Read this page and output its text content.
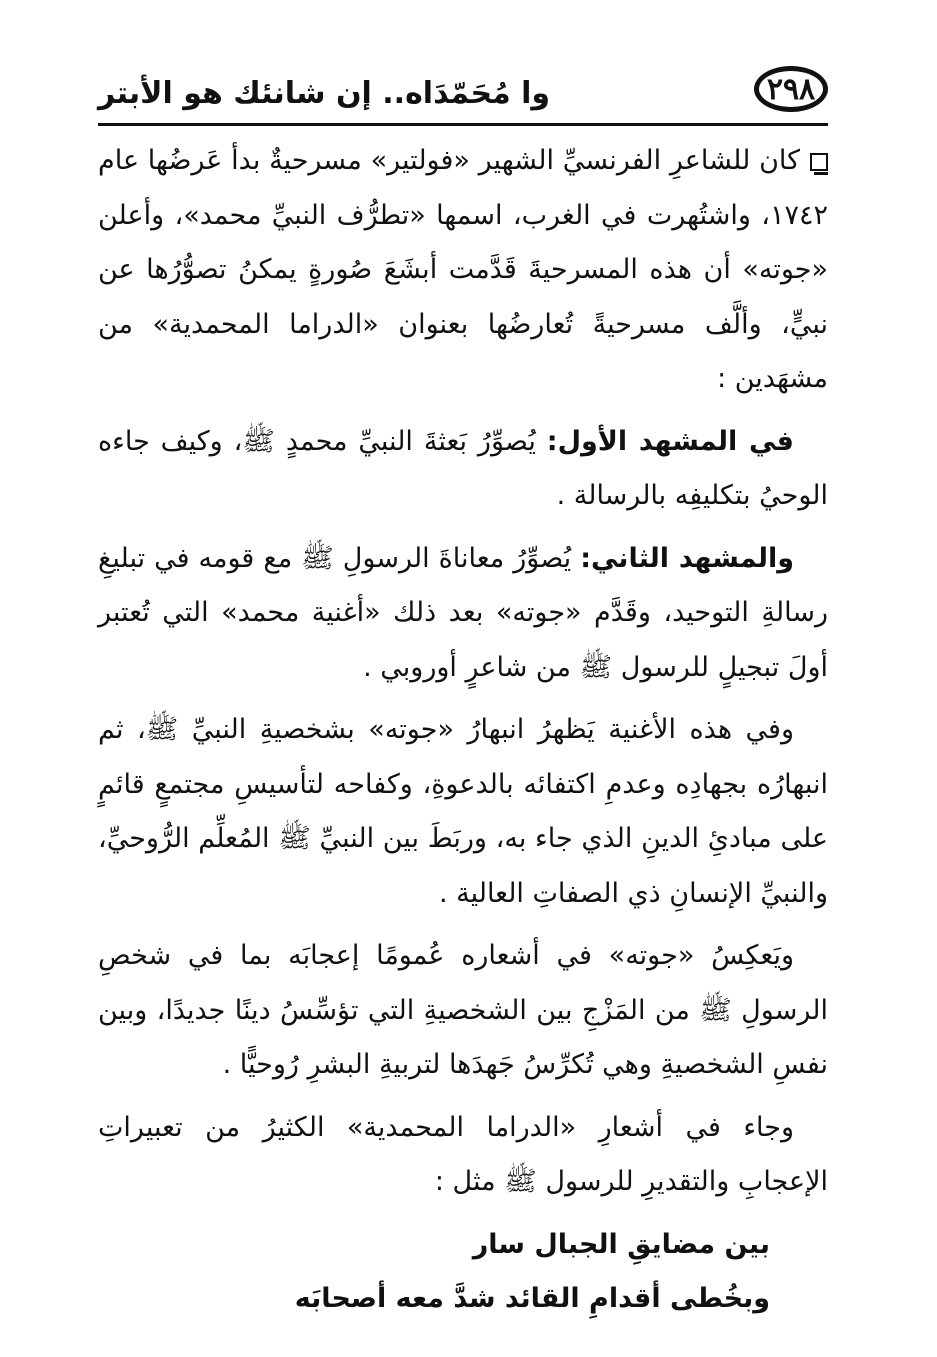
٢٩٨
وا مُحَمّدَاه.. إن شانئك هو الأبتر

كان للشاعرِ الفرنسيِّ الشهير «فولتير» مسرحيةٌ بدأ عَرضُها عام ١٧٤٢، واشتُهرت في الغرب، اسمها «تطرُّف النبيِّ محمد»، وأعلن «جوته» أن هذه المسرحيةَ قَدَّمت أبشَعَ صُورةٍ يمكنُ تصوُّرُها عن نبيٍّ، وألَّف مسرحيةً تُعارضُها بعنوان «الدراما المحمدية» من مشهَدين :

في المشهد الأول: يُصوِّرُ بَعثةَ النبيِّ محمدٍ ﷺ، وكيف جاءه الوحيُ بتكليفِه بالرسالة .

والمشهد الثاني: يُصوِّرُ معاناةَ الرسولِ ﷺ مع قومه في تبليغِ رسالةِ التوحيد، وقَدَّم «جوته» بعد ذلك «أغنية محمد» التي تُعتبر أولَ تبجيلٍ للرسول ﷺ من شاعرٍ أوروبي .

وفي هذه الأغنية يَظهرُ انبهارُ «جوته» بشخصيةِ النبيِّ ﷺ، ثم انبهارُه بجهادِه وعدمِ اكتفائه بالدعوةِ، وكفاحه لتأسيسِ مجتمعٍ قائمٍ على مبادئِ الدينِ الذي جاء به، وربَطَ بين النبيِّ ﷺ المُعلِّم الرُّوحيِّ، والنبيِّ الإنسانِ ذي الصفاتِ العالية .

ويَعكِسُ «جوته» في أشعاره عُمومًا إعجابَه بما في شخصِ الرسولِ ﷺ من المَزْجِ بين الشخصيةِ التي تؤسِّسُ دينًا جديدًا، وبين نفسِ الشخصيةِ وهي تُكرِّسُ جَهدَها لتربيةِ البشرِ رُوحيًّا .

وجاء في أشعارِ «الدراما المحمدية» الكثيرُ من تعبيراتِ الإعجابِ والتقديرِ للرسول ﷺ مثل :

بين مضايقِ الجبال سار

وبخُطى أقدامِ القائد شدَّ معه أصحابَه
